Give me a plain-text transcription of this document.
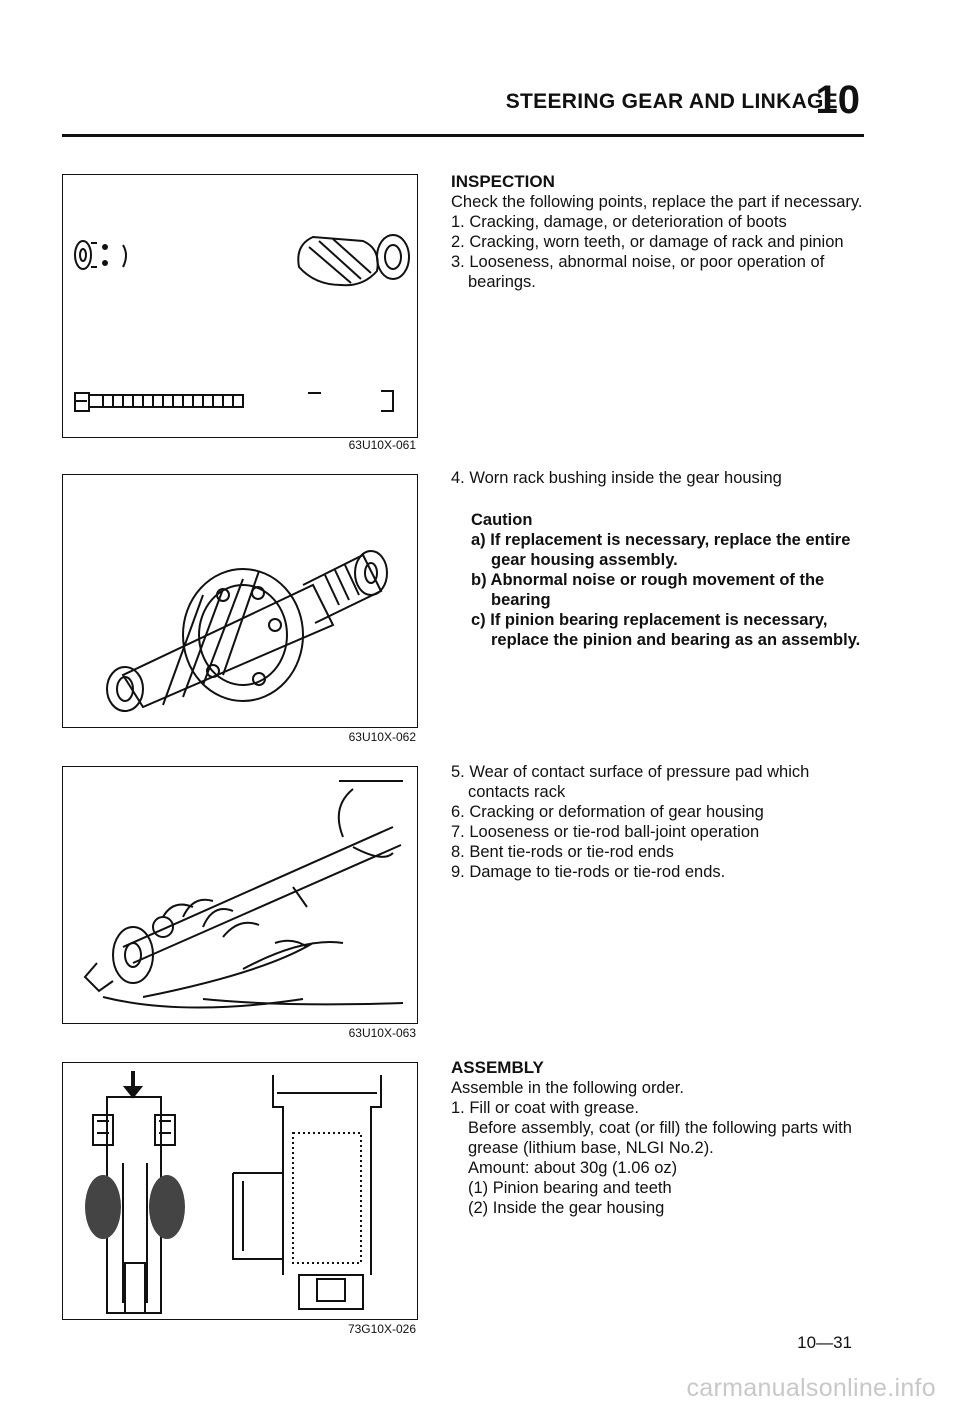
STEERING GEAR AND LINKAGE
10
63U10X-061
63U10X-062
63U10X-063
73G10X-026
INSPECTION
Check the following points, replace the part if necessary.
1. Cracking, damage, or deterioration of boots
2. Cracking, worn teeth, or damage of rack and pinion
3. Looseness, abnormal noise, or poor operation of bearings.
4. Worn rack bushing inside the gear housing
Caution
a) If replacement is necessary, replace the entire gear housing assembly.
b) Abnormal noise or rough movement of the bearing
c) If pinion bearing replacement is necessary, replace the pinion and bearing as an assembly.
5. Wear of contact surface of pressure pad which contacts rack
6. Cracking or deformation of gear housing
7. Looseness or tie-rod ball-joint operation
8. Bent tie-rods or tie-rod ends
9. Damage to tie-rods or tie-rod ends.
ASSEMBLY
Assemble in the following order.
1. Fill or coat with grease.
Before assembly, coat (or fill) the following parts with grease (lithium base, NLGI No.2).
Amount: about 30g (1.06 oz)
(1) Pinion bearing and teeth
(2) Inside the gear housing
10—31
carmanualsonline.info
